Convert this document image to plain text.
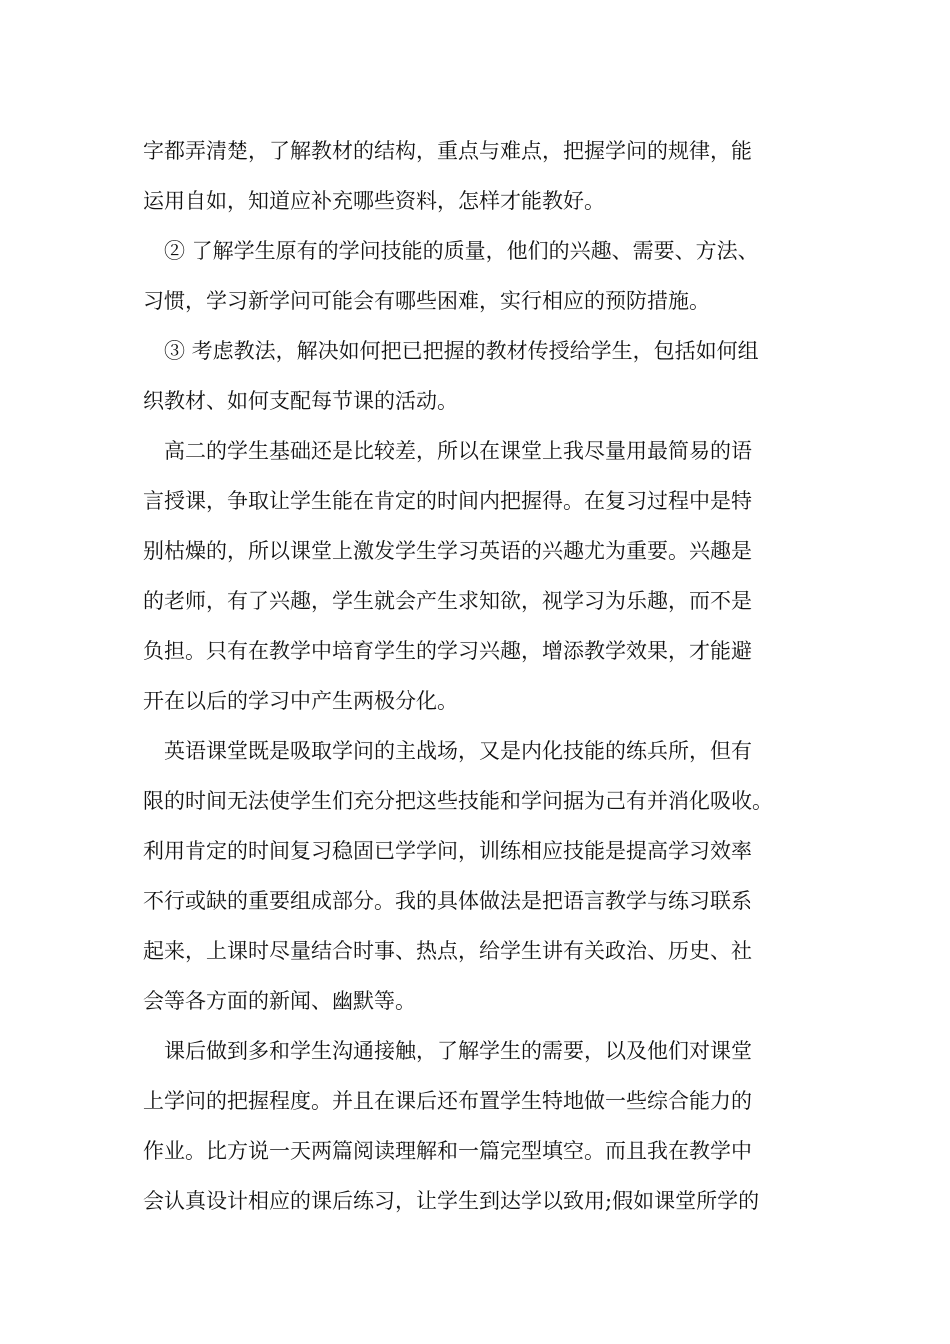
字都弄清楚，了解教材的结构，重点与难点，把握学问的规律，能
运用自如，知道应补充哪些资料，怎样才能教好。
② 了解学生原有的学问技能的质量，他们的兴趣、需要、方法、
习惯，学习新学问可能会有哪些困难，实行相应的预防措施。
③ 考虑教法，解决如何把已把握的教材传授给学生，包括如何组
织教材、如何支配每节课的活动。
高二的学生基础还是比较差，所以在课堂上我尽量用最简易的语
言授课，争取让学生能在肯定的时间内把握得。在复习过程中是特
别枯燥的，所以课堂上激发学生学习英语的兴趣尤为重要。兴趣是
的老师，有了兴趣，学生就会产生求知欲，视学习为乐趣，而不是
负担。只有在教学中培育学生的学习兴趣，增添教学效果，才能避
开在以后的学习中产生两极分化。
英语课堂既是吸取学问的主战场，又是内化技能的练兵所，但有
限的时间无法使学生们充分把这些技能和学问据为己有并消化吸收。
利用肯定的时间复习稳固已学学问，训练相应技能是提高学习效率
不行或缺的重要组成部分。我的具体做法是把语言教学与练习联系
起来，上课时尽量结合时事、热点，给学生讲有关政治、历史、社
会等各方面的新闻、幽默等。
课后做到多和学生沟通接触，了解学生的需要，以及他们对课堂
上学问的把握程度。并且在课后还布置学生特地做一些综合能力的
作业。比方说一天两篇阅读理解和一篇完型填空。而且我在教学中
会认真设计相应的课后练习，让学生到达学以致用;假如课堂所学的
